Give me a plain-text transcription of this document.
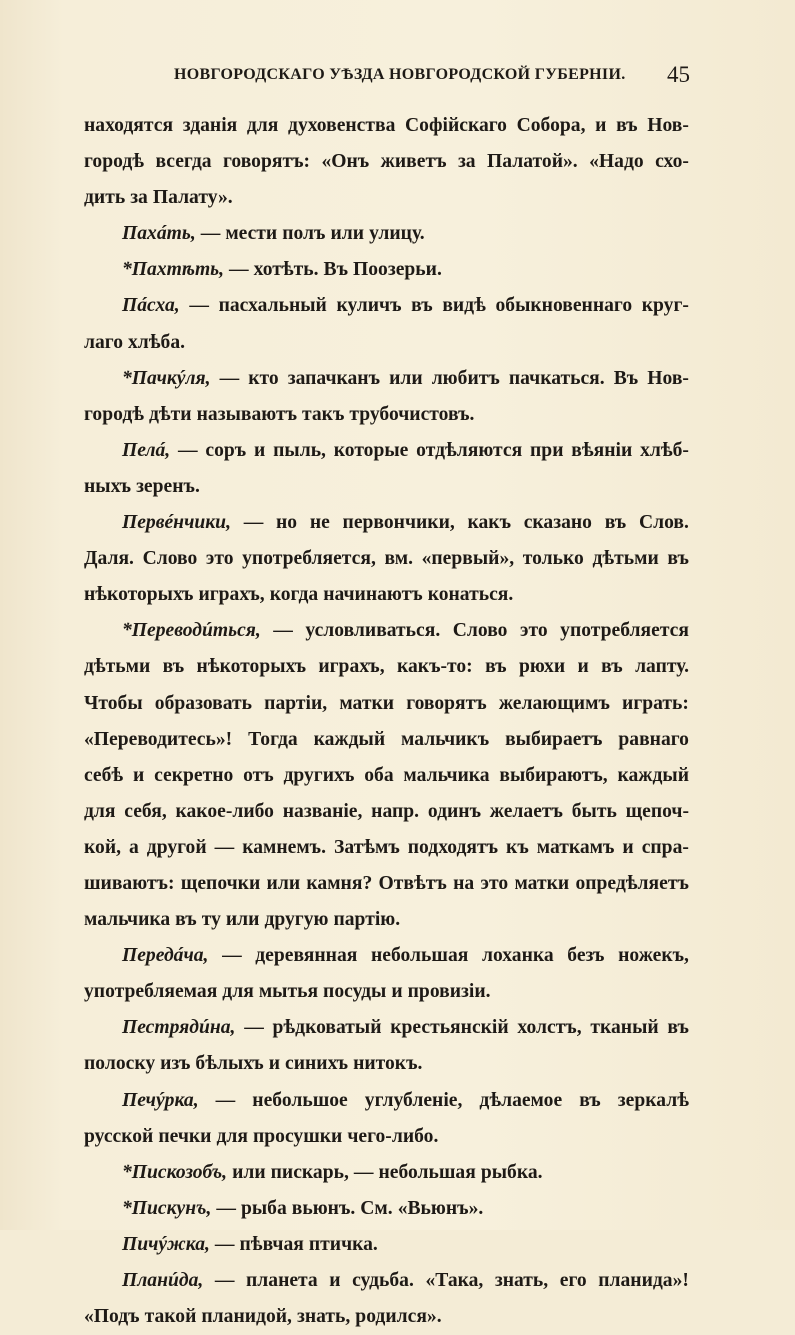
НОВГОРОДСКАГО УѢЗДА НОВГОРОДСКОЙ ГУБЕРНІИ. 45
находятся зданія для духовенства Софійскаго Собора, и въ Нов-
городѣ всегда говорятъ: «Онъ живетъ за Палатой». «Надо схо-
дить за Палату».
Пахáть, — мести полъ или улицу.
*Пахтѣть, — хотѣть. Въ Поозерьи.
Пáсха, — пасхальный куличъ въ видѣ обыкновеннаго круг-
лаго хлѣба.
*Пачкýля, — кто запачканъ или любитъ пачкаться. Въ Нов-
городѣ дѣти называютъ такъ трубочистовъ.
Пелá, — соръ и пыль, которые отдѣляются при вѣяніи хлѣб-
ныхъ зеренъ.
Первéнчики, — но не первончики, какъ сказано въ Слов.
Даля. Слово это употребляется, вм. «первый», только дѣтьми въ
нѣкоторыхъ играхъ, когда начинаютъ конаться.
*Переводúться, — условливаться. Слово это употребляется
дѣтьми въ нѣкоторыхъ играхъ, какъ-то: въ рюхи и въ лапту.
Чтобы образовать партіи, матки говорятъ желающимъ играть:
«Переводитесь»! Тогда каждый мальчикъ выбираетъ равнаго
себѣ и секретно отъ другихъ оба мальчика выбираютъ, каждый
для себя, какое-либо названіе, напр. одинъ желаетъ быть щепоч-
кой, а другой — камнемъ. Затѣмъ подходятъ къ маткамъ и спра-
шиваютъ: щепочки или камня? Отвѣтъ на это матки опредѣляетъ
мальчика въ ту или другую партію.
Передáча, — деревянная небольшая лоханка безъ ножекъ,
употребляемая для мытья посуды и провизіи.
Пестрядúна, — рѣдковатый крестьянскій холстъ, тканый въ
полоску изъ бѣлыхъ и синихъ нитокъ.
Печýрка, — небольшое углубленіе, дѣлаемое въ зеркалѣ
русской печки для просушки чего-либо.
*Пискозобъ, или пискарь, — небольшая рыбка.
*Пискунъ, — рыба вьюнъ. См. «Вьюнъ».
Пичýжка, — пѣвчая птичка.
Планúда, — планета и судьба. «Така, знать, его планида»!
«Подъ такой планидой, знать, родился».
